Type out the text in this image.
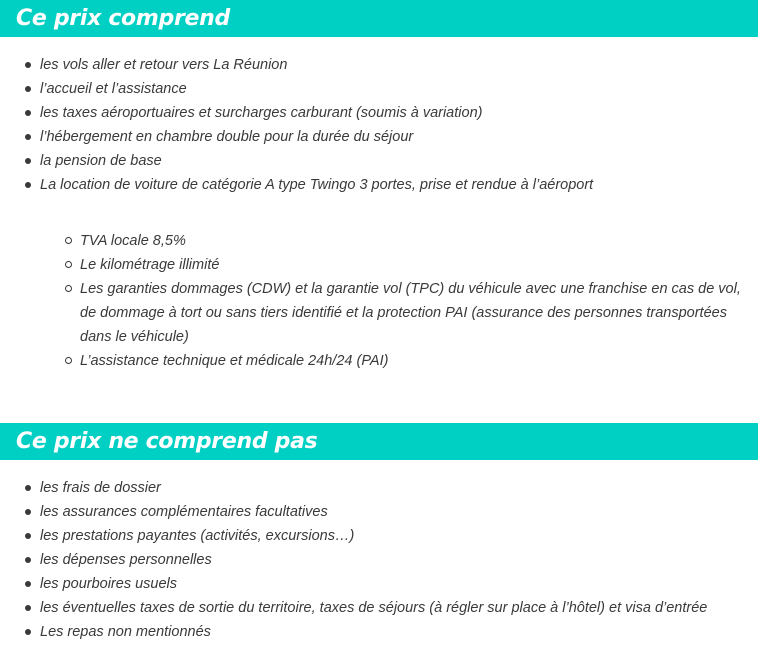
Ce prix comprend
les vols aller et retour vers La Réunion
l’accueil et l’assistance
les taxes aéroportuaires et surcharges carburant (soumis à variation)
l’hébergement en chambre double pour la durée du séjour
la pension de base
La location de voiture de catégorie A type Twingo 3 portes, prise et rendue à l’aéroport
TVA locale 8,5%
Le kilométrage illimité
Les garanties dommages (CDW) et la garantie vol (TPC) du véhicule avec une franchise en cas de vol, de dommage à tort ou sans tiers identifié et la protection PAI (assurance des personnes transportées dans le véhicule)
L’assistance technique et médicale 24h/24 (PAI)
Ce prix ne comprend pas
les frais de dossier
les assurances complémentaires facultatives
les prestations payantes (activités, excursions…)
les dépenses personnelles
les pourboires usuels
les éventuelles taxes de sortie du territoire, taxes de séjours (à régler sur place à l’hôtel) et visa d’entrée
Les repas non mentionnés
